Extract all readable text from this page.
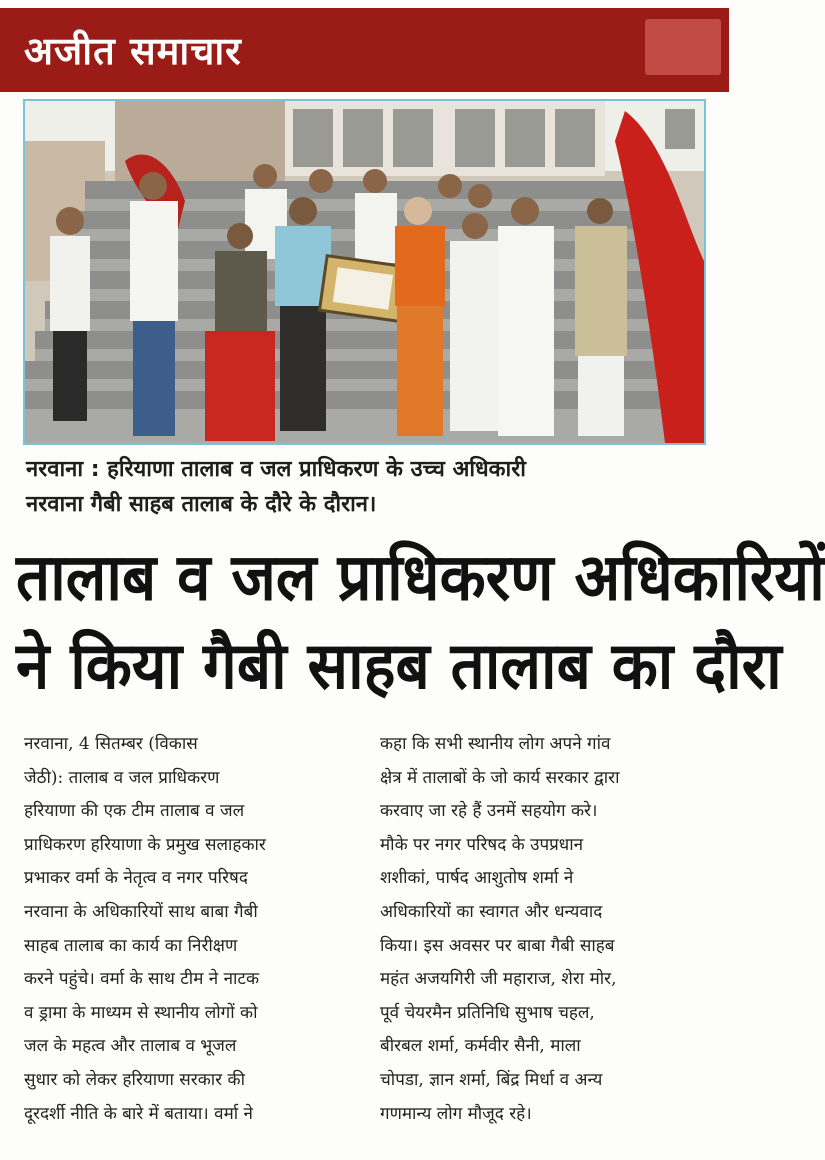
अजीत समाचार
नरवाना : हरियाणा तालाब व जल प्राधिकरण के उच्च अधिकारी
नरवाना गैबी साहब तालाब के दौरे के दौरान।
तालाब व जल प्राधिकरण अधिकारियों
ने किया गैबी साहब तालाब का दौरा
नरवाना, 4 सितम्बर (विकास
जेठी): तालाब व जल प्राधिकरण
हरियाणा की एक टीम तालाब व जल
प्राधिकरण हरियाणा के प्रमुख सलाहकार
प्रभाकर वर्मा के नेतृत्व व नगर परिषद
नरवाना के अधिकारियों साथ बाबा गैबी
साहब तालाब का कार्य का निरीक्षण
करने पहुंचे। वर्मा के साथ टीम ने नाटक
व ड्रामा के माध्यम से स्थानीय लोगों को
जल के महत्व और तालाब व भूजल
सुधार को लेकर हरियाणा सरकार की
दूरदर्शी नीति के बारे में बताया। वर्मा ने
कहा कि सभी स्थानीय लोग अपने गांव
क्षेत्र में तालाबों के जो कार्य सरकार द्वारा
करवाए जा रहे हैं उनमें सहयोग करे।
मौके पर नगर परिषद के उपप्रधान
शशीकां, पार्षद आशुतोष शर्मा ने
अधिकारियों का स्वागत और धन्यवाद
किया। इस अवसर पर बाबा गैबी साहब
महंत अजयगिरी जी महाराज, शेरा मोर,
पूर्व चेयरमैन प्रतिनिधि सुभाष चहल,
बीरबल शर्मा, कर्मवीर सैनी, माला
चोपडा, ज्ञान शर्मा, बिंद्र मिर्धा व अन्य
गणमान्य लोग मौजूद रहे।
